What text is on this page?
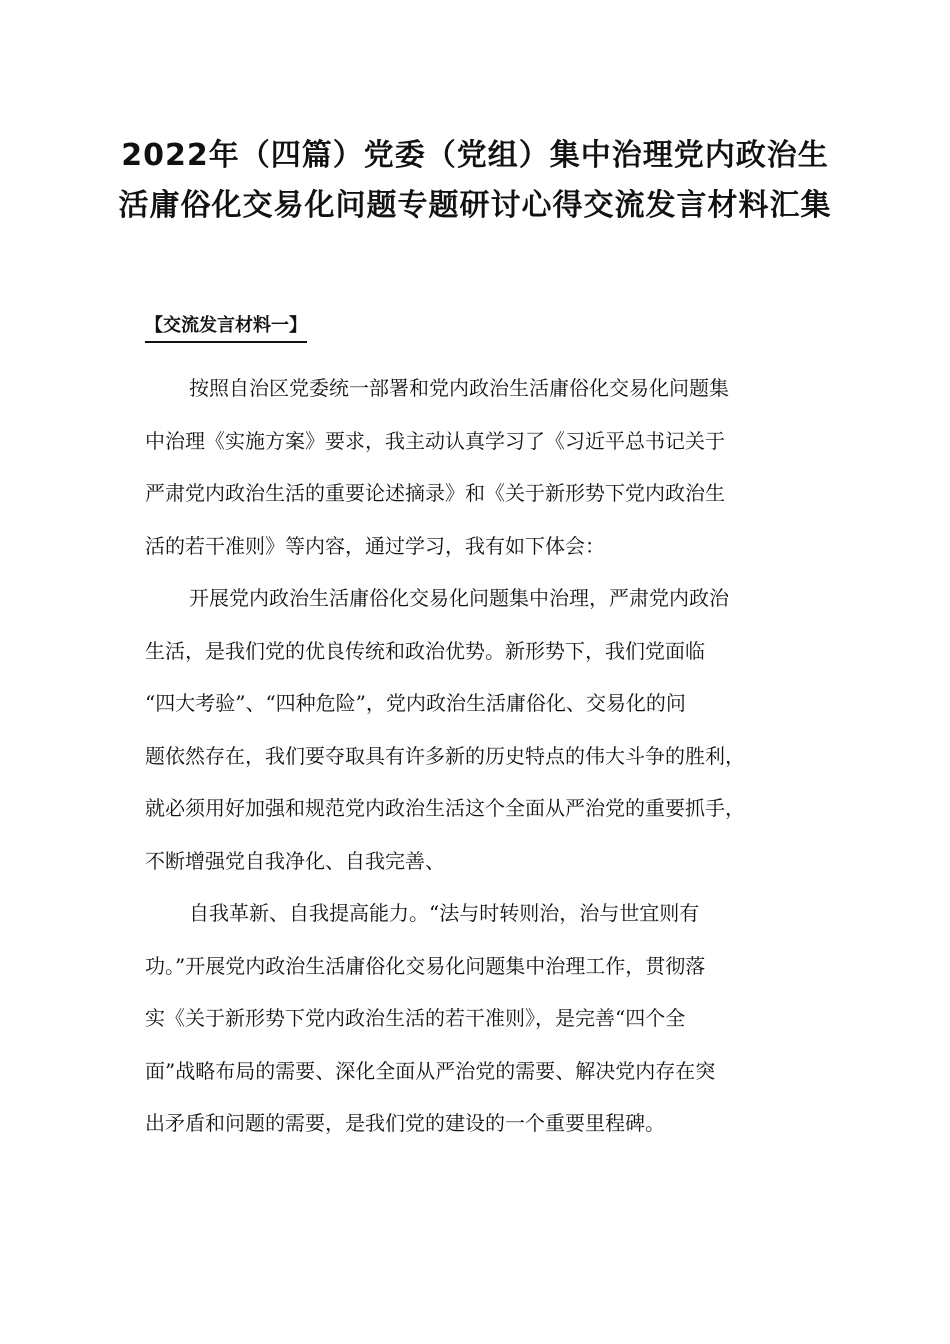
2022年（四篇）党委（党组）集中治理党内政治生
活庸俗化交易化问题专题研讨心得交流发言材料汇集
【交流发言材料一】

按照自治区党委统一部署和党内政治生活庸俗化交易化问题集
中治理《实施方案》要求，我主动认真学习了《习近平总书记关于
严肃党内政治生活的重要论述摘录》和《关于新形势下党内政治生
活的若干准则》等内容，通过学习，我有如下体会：

开展党内政治生活庸俗化交易化问题集中治理，严肃党内政治
生活，是我们党的优良传统和政治优势。新形势下，我们党面临
“四大考验”、“四种危险”，党内政治生活庸俗化、交易化的问
题依然存在，我们要夺取具有许多新的历史特点的伟大斗争的胜利，
就必须用好加强和规范党内政治生活这个全面从严治党的重要抓手，
不断增强党自我净化、自我完善、

自我革新、自我提高能力。“法与时转则治，治与世宜则有
功。”开展党内政治生活庸俗化交易化问题集中治理工作，贯彻落
实《关于新形势下党内政治生活的若干准则》，是完善“四个全
面”战略布局的需要、深化全面从严治党的需要、解决党内存在突
出矛盾和问题的需要，是我们党的建设的一个重要里程碑。
